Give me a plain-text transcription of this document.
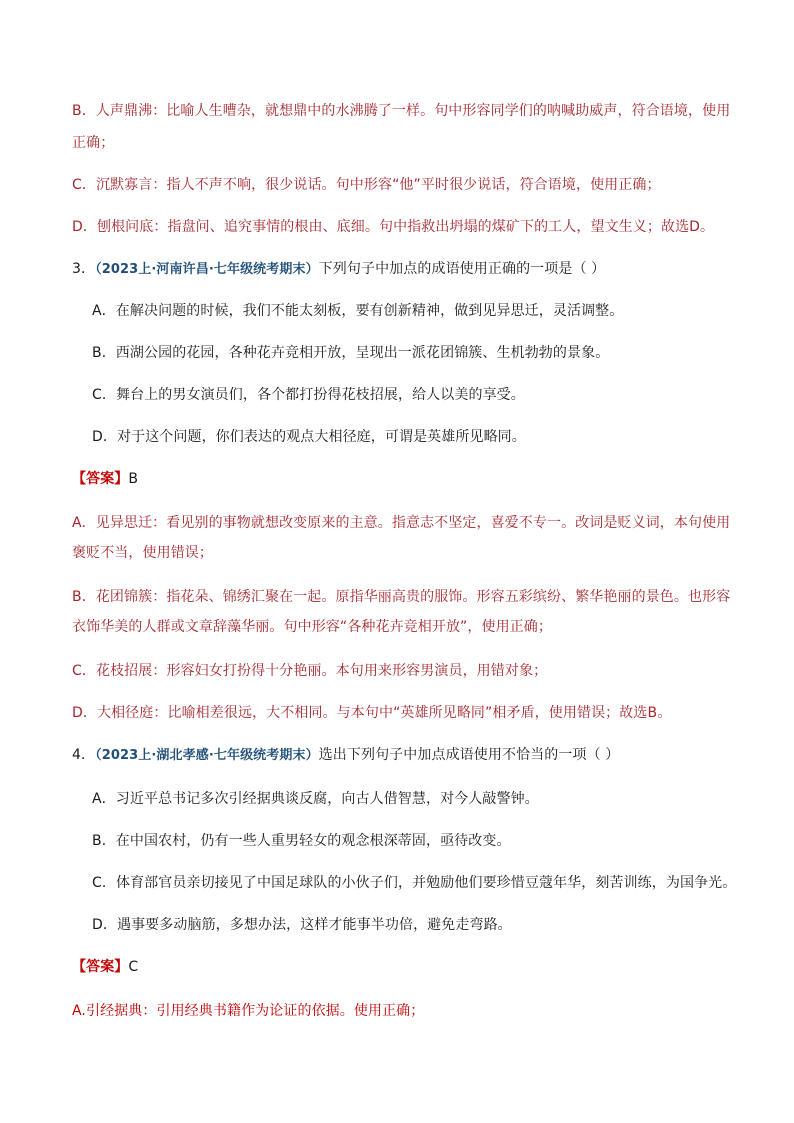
B．人声鼎沸：比喻人生嘈杂，就想鼎中的水沸腾了一样。句中形容同学们的呐喊助威声，符合语境，使用
正确；
C．沉默寡言：指人不声不响，很少说话。句中形容“他”平时很少说话，符合语境，使用正确；
D．刨根问底：指盘问、追究事情的根由、底细。句中指救出坍塌的煤矿下的工人，望文生义；故选D。
3．（2023上·河南许昌·七年级统考期末）下列句子中加点的成语使用正确的一项是（ ）
A．在解决问题的时候，我们不能太刻板，要有创新精神，做到见异思迁，灵活调整。
B．西湖公园的花园，各种花卉竞相开放，呈现出一派花团锦簇、生机勃勃的景象。
C．舞台上的男女演员们，各个都打扮得花枝招展，给人以美的享受。
D．对于这个问题，你们表达的观点大相径庭，可谓是英雄所见略同。
【答案】B
A．见异思迁：看见别的事物就想改变原来的主意。指意志不坚定，喜爱不专一。改词是贬义词，本句使用
褒贬不当，使用错误；
B．花团锦簇：指花朵、锦绣汇聚在一起。原指华丽高贵的服饰。形容五彩缤纷、繁华艳丽的景色。也形容
衣饰华美的人群或文章辞藻华丽。句中形容“各种花卉竞相开放”，使用正确；
C．花枝招展：形容妇女打扮得十分艳丽。本句用来形容男演员，用错对象；
D．大相径庭：比喻相差很远，大不相同。与本句中“英雄所见略同”相矛盾，使用错误；故选B。
4．（2023上·湖北孝感·七年级统考期末）选出下列句子中加点成语使用不恰当的一项（ ）
A．习近平总书记多次引经据典谈反腐，向古人借智慧，对今人敲警钟。
B．在中国农村，仍有一些人重男轻女的观念根深蒂固，亟待改变。
C．体育部官员亲切接见了中国足球队的小伙子们，并勉励他们要珍惜豆蔻年华，刻苦训练，为国争光。
D．遇事要多动脑筋，多想办法，这样才能事半功倍，避免走弯路。
【答案】C
A.引经据典：引用经典书籍作为论证的依据。使用正确；
